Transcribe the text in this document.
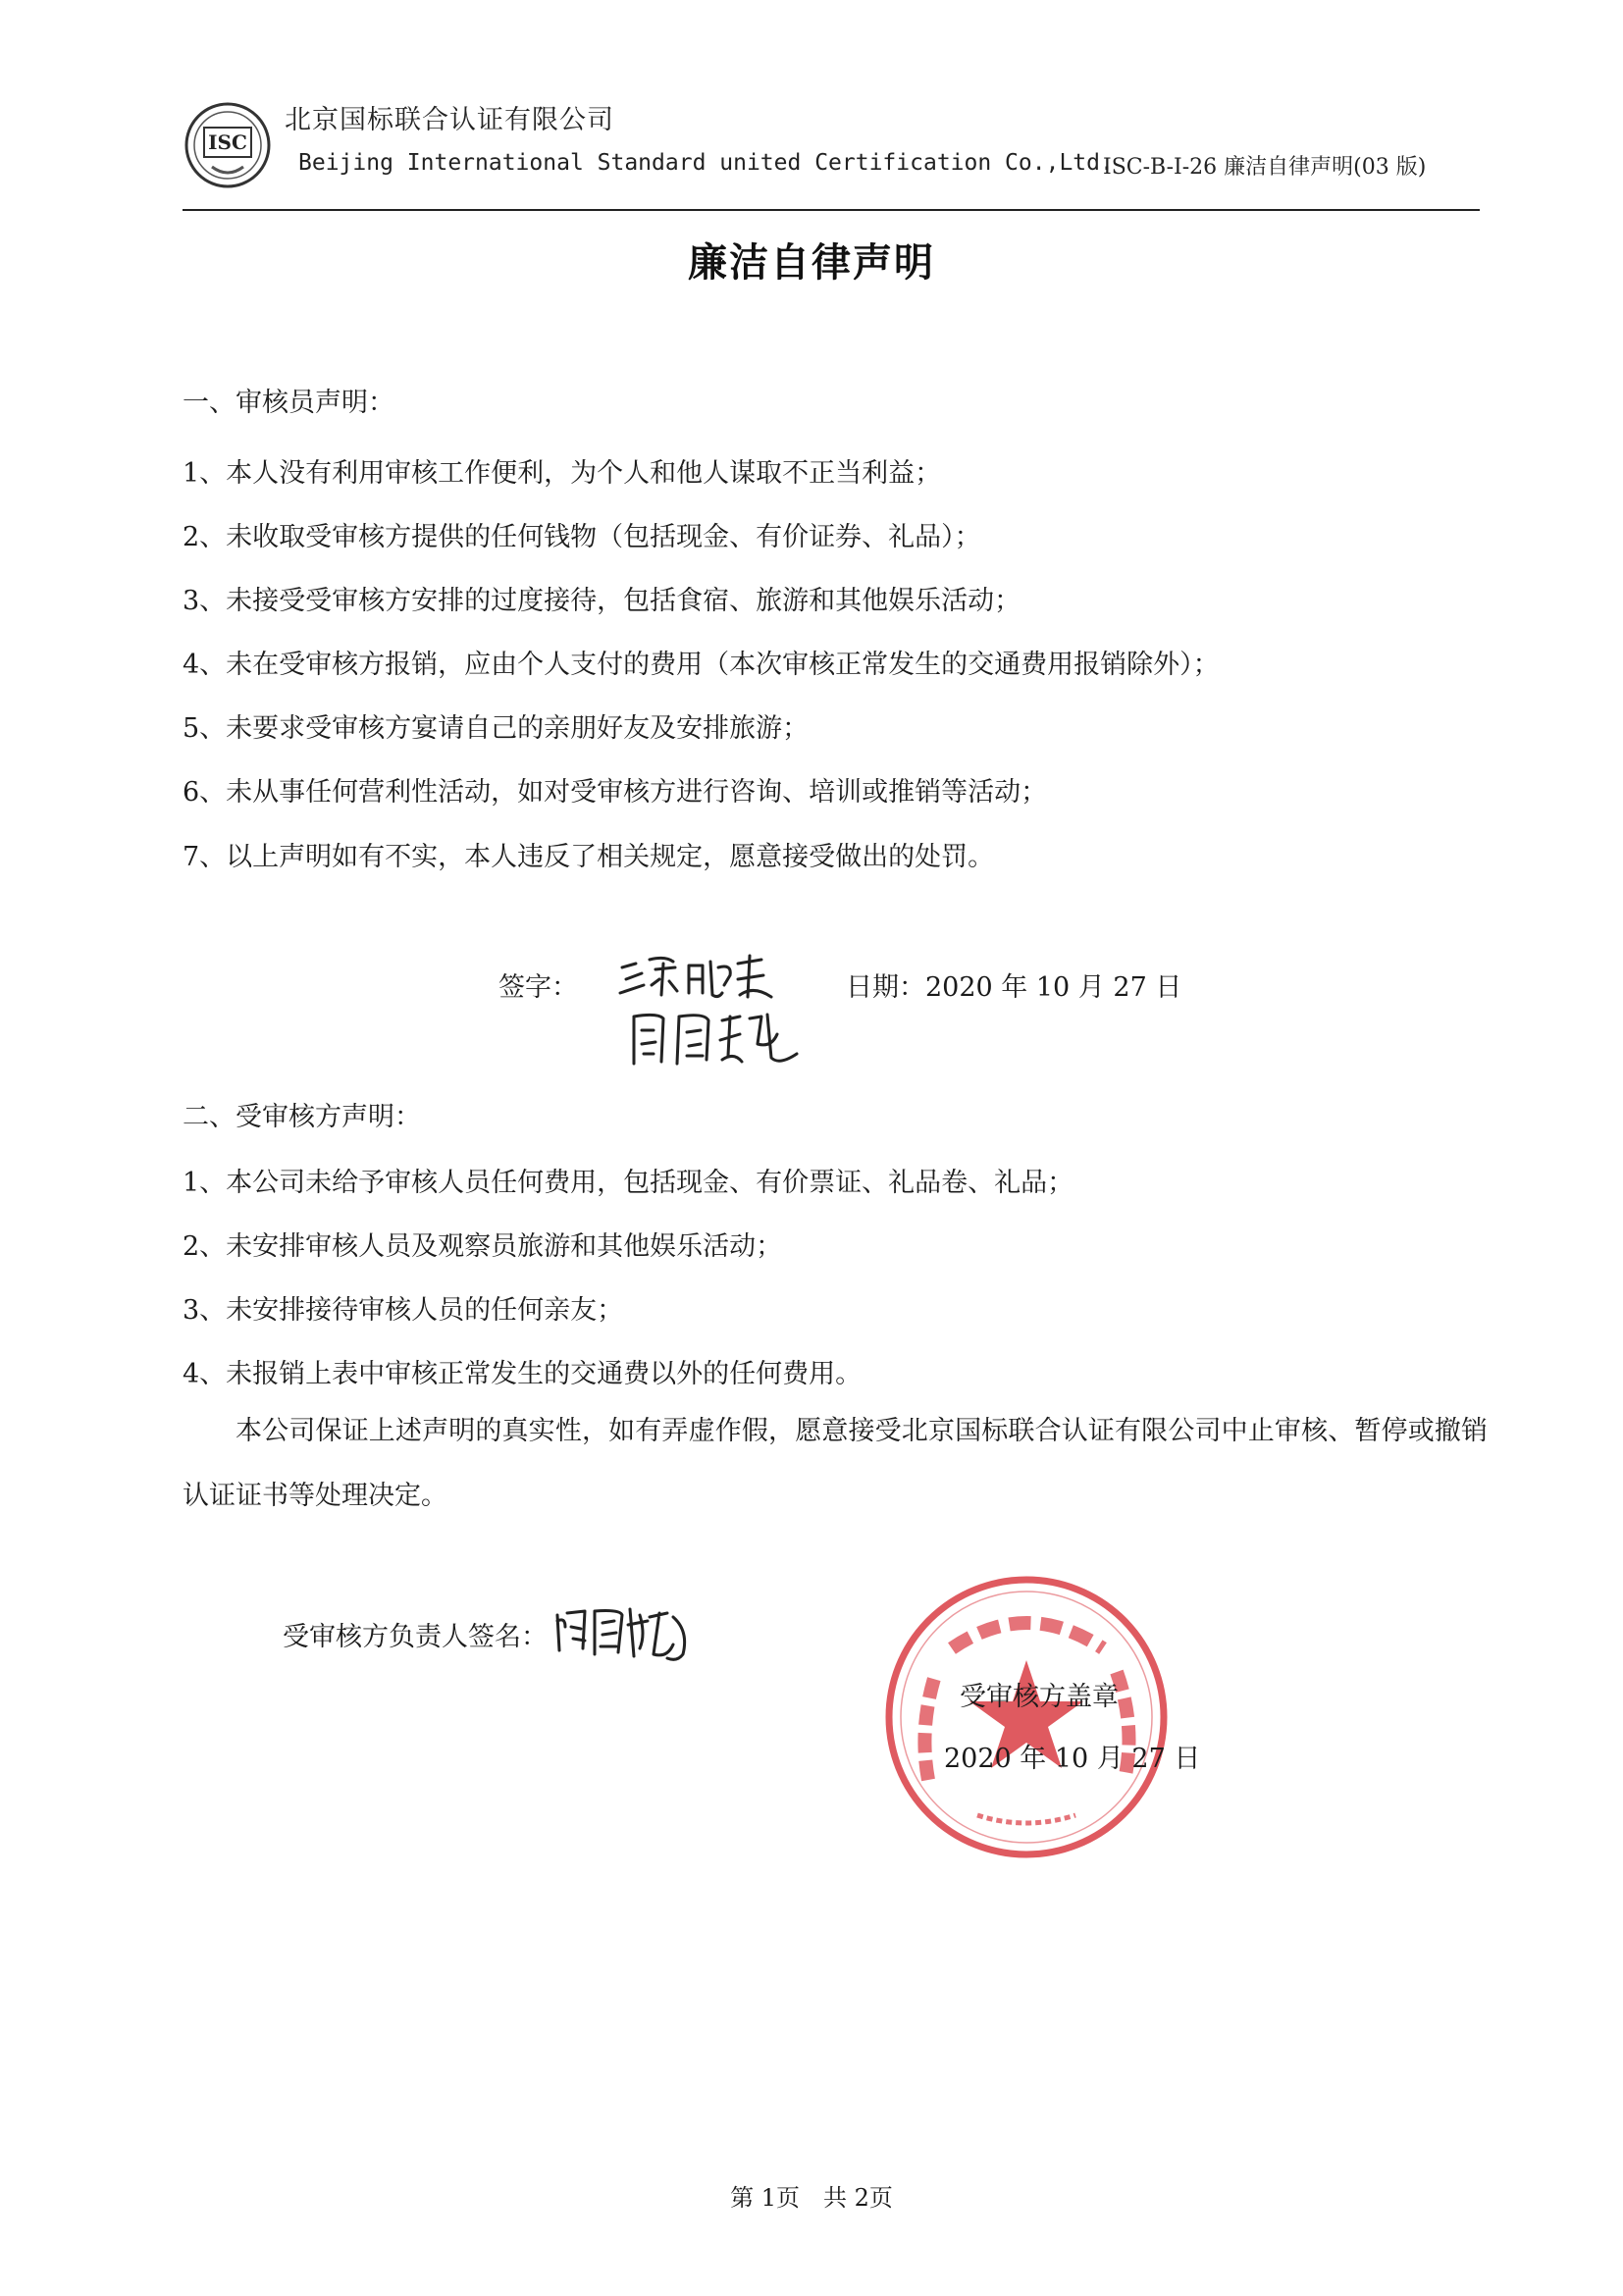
ISC
北京国标联合认证有限公司
Beijing International Standard united Certification Co.,Ltd.
ISC-B-I-26 廉洁自律声明(03 版)
廉洁自律声明
一、审核员声明：
1、本人没有利用审核工作便利，为个人和他人谋取不正当利益；
2、未收取受审核方提供的任何钱物（包括现金、有价证券、礼品）；
3、未接受受审核方安排的过度接待，包括食宿、旅游和其他娱乐活动；
4、未在受审核方报销，应由个人支付的费用（本次审核正常发生的交通费用报销除外）；
5、未要求受审核方宴请自己的亲朋好友及安排旅游；
6、未从事任何营利性活动，如对受审核方进行咨询、培训或推销等活动；
7、以上声明如有不实，本人违反了相关规定，愿意接受做出的处罚。
签字：	日期：2020 年 10 月 27 日
二、受审核方声明：
1、本公司未给予审核人员任何费用，包括现金、有价票证、礼品卷、礼品；
2、未安排审核人员及观察员旅游和其他娱乐活动；
3、未安排接待审核人员的任何亲友；
4、未报销上表中审核正常发生的交通费以外的任何费用。
本公司保证上述声明的真实性，如有弄虚作假，愿意接受北京国标联合认证有限公司中止审核、暂停或撤销认证证书等处理决定。
受审核方负责人签名：
受审核方盖章
2020 年 10 月 27 日
第 1页　共 2页
